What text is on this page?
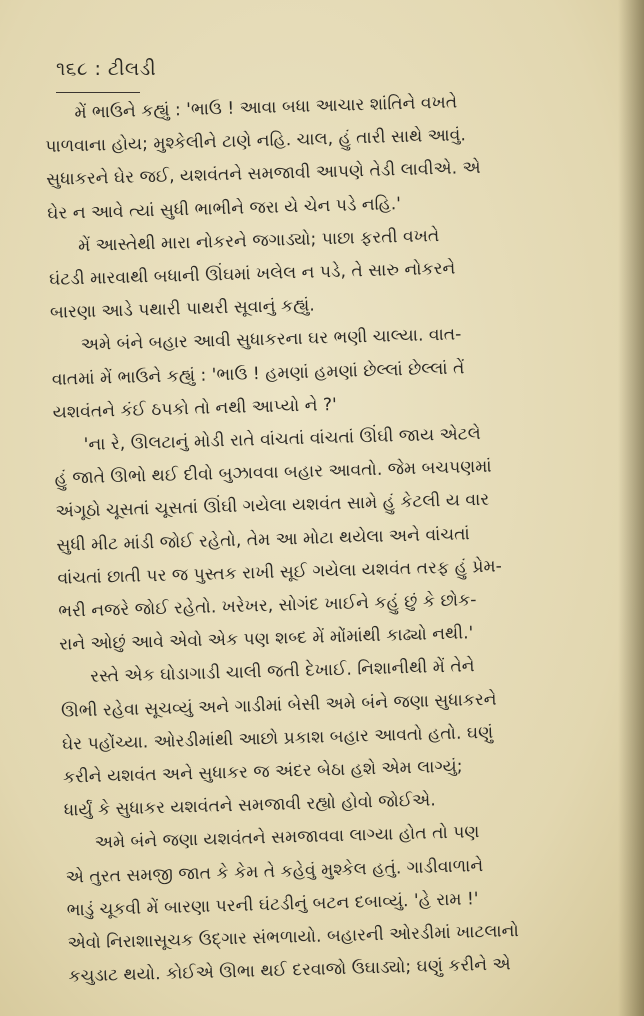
૧૬૮ : ટીલડી
મેં ભાઉને કહ્યું : 'ભાઉ ! આવા બધા આચાર શાંતિને વખતે
પાળવાના હોય; મુશ્કેલીને ટાણે નહિ. ચાલ, હું તારી સાથે આવું.
સુધાકરને ઘેર જઈ, યશવંતને સમજાવી આપણે તેડી લાવીએ. એ
ઘેર ન આવે ત્યાં સુધી ભાભીને જરા યે ચેન પડે નહિ.'
મેં આસ્તેથી મારા નોકરને જગાડ્યો; પાછા ફરતી વખતે
ઘંટડી મારવાથી બધાની ઊંઘમાં ખલેલ ન પડે, તે સારુ નોકરને
બારણા આડે પથારી પાથરી સૂવાનું કહ્યું.
અમે બંને બહાર આવી સુધાકરના ઘર ભણી ચાલ્યા. વાત-
વાતમાં મેં ભાઉને કહ્યું : 'ભાઉ ! હમણાં હમણાં છેલ્લાં છેલ્લાં તેં
યશવંતને કંઈ ઠપકો તો નથી આપ્યો ને ?'
'ના રે, ઊલટાનું મોડી રાતે વાંચતાં વાંચતાં ઊંઘી જાય એટલે
હું જાતે ઊભો થઈ દીવો બુઝાવવા બહાર આવતો. જેમ બચપણમાં
અંગૂઠો ચૂસતાં ચૂસતાં ઊંઘી ગયેલા યશવંત સામે હું કેટલી ય વાર
સુધી મીટ માંડી જોઈ રહેતો, તેમ આ મોટા થયેલા અને વાંચતાં
વાંચતાં છાતી પર જ પુસ્તક રાખી સૂઈ ગયેલા યશવંત તરફ હું પ્રેમ-
ભરી નજરે જોઈ રહેતો. ખરેખર, સોગંદ ખાઈને કહું છું કે છોક-
રાને ઓછું આવે એવો એક પણ શબ્દ મેં મોંમાંથી કાઢ્યો નથી.'
રસ્તે એક ઘોડાગાડી ચાલી જતી દેખાઈ. નિશાનીથી મેં તેને
ઊભી રહેવા સૂચવ્યું અને ગાડીમાં બેસી અમે બંને જણા સુધાકરને
ઘેર પહોંચ્યા. ઓરડીમાંથી આછો પ્રકાશ બહાર આવતો હતો. ઘણું
કરીને યશવંત અને સુધાકર જ અંદર બેઠા હશે એમ લાગ્યું;
ધાર્યું કે સુધાકર યશવંતને સમજાવી રહ્યો હોવો જોઈએ.
અમે બંને જણા યશવંતને સમજાવવા લાગ્યા હોત તો પણ
એ તુરત સમજી જાત કે કેમ તે કહેવું મુશ્કેલ હતું. ગાડીવાળાને
ભાડું ચૂકવી મેં બારણા પરની ઘંટડીનું બટન દબાવ્યું. 'હે રામ !'
એવો નિરાશાસૂચક ઉદ્‌ગાર સંભળાયો. બહારની ઓરડીમાં ખાટલાનો
કચુડાટ થયો. કોઈએ ઊભા થઈ દરવાજો ઉઘાડ્યો; ઘણું કરીને એ
